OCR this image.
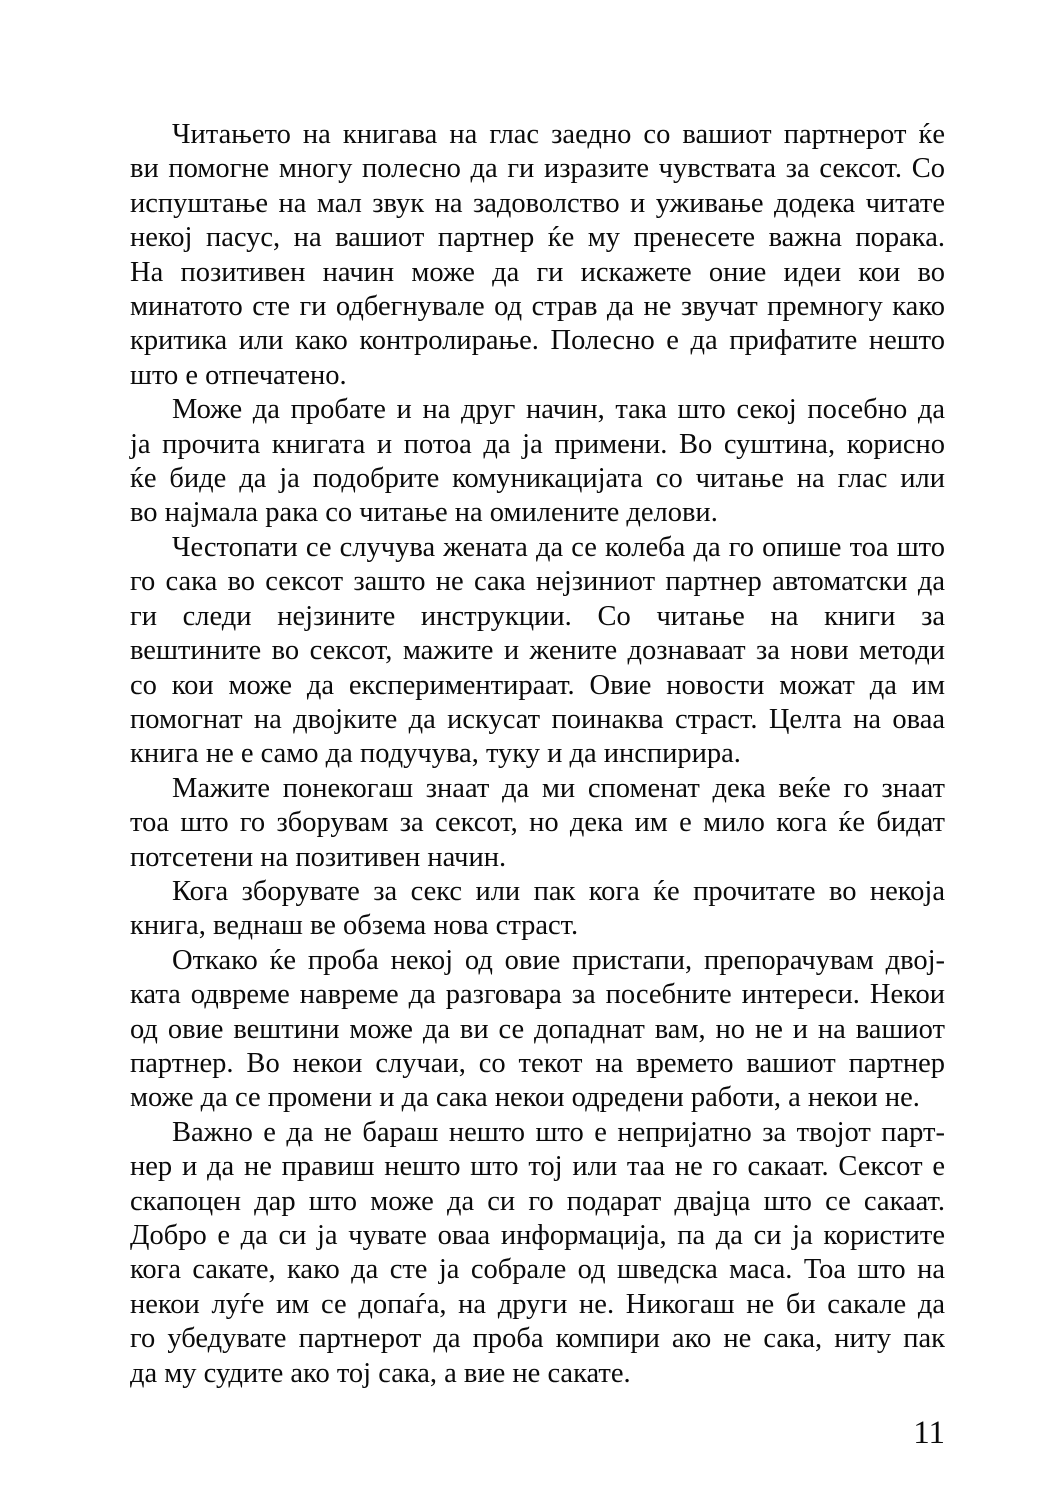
Читањето на книгава на глас заедно со вашиот партнерот ќе
ви помогне многу полесно да ги изразите чувствата за сексот. Со
испуштање на мал звук на задоволство и уживање додека читате
некој пасус, на вашиот партнер ќе му пренесете важна порака.
На позитивен начин може да ги искажете оние идеи кои во
минатото сте ги одбегнувале од страв да не звучат премногу како
критика или како контролирање. Полесно е да прифатите нешто
што е отпечатено.
Може да пробате и на друг начин, така што секој посебно да
ја прочита книгата и потоа да ја примени. Во суштина, корисно
ќе биде да ја подобрите комуникацијата со читање на глас или
во најмала рака со читање на омилените делови.
Честопати се случува жената да се колеба да го опише тоа што
го сака во сексот зашто не сака нејзиниот партнер автоматски да
ги следи нејзините инструкции. Со читање на книги за
вештините во сексот, мажите и жените дознаваат за нови методи
со кои може да експериментираат. Овие новости можат да им
помогнат на двојките да искусат поинаква страст. Целта на оваа
книга не е само да подучува, туку и да инспирира.
Мажите понекогаш знаат да ми споменат дека веќе го знаат
тоа што го зборувам за сексот, но дека им е мило кога ќе бидат
потсетени на позитивен начин.
Кога зборувате за секс или пак кога ќе прочитате во некоја
книга, веднаш ве обзема нова страст.
Откако ќе проба некој од овие пристапи, препорачувам двој-
ката одвреме навреме да разговара за посебните интереси. Некои
од овие вештини може да ви се допаднат вам, но не и на вашиот
партнер. Во некои случаи, со текот на времето вашиот партнер
може да се промени и да сака некои одредени работи, а некои не.
Важно е да не бараш нешто што е непријатно за твојот парт-
нер и да не правиш нешто што тој или таа не го сакаат. Сексот е
скапоцен дар што може да си го подарат двајца што се сакаат.
Добро е да си ја чувате оваа информација, па да си ја користите
кога сакате, како да сте ја собрале од шведска маса. Тоа што на
некои луѓе им се допаѓа, на други не. Никогаш не би сакале да
го убедувате партнерот да проба компири ако не сака, ниту пак
да му судите ако тој сака, а вие не сакате.
11
